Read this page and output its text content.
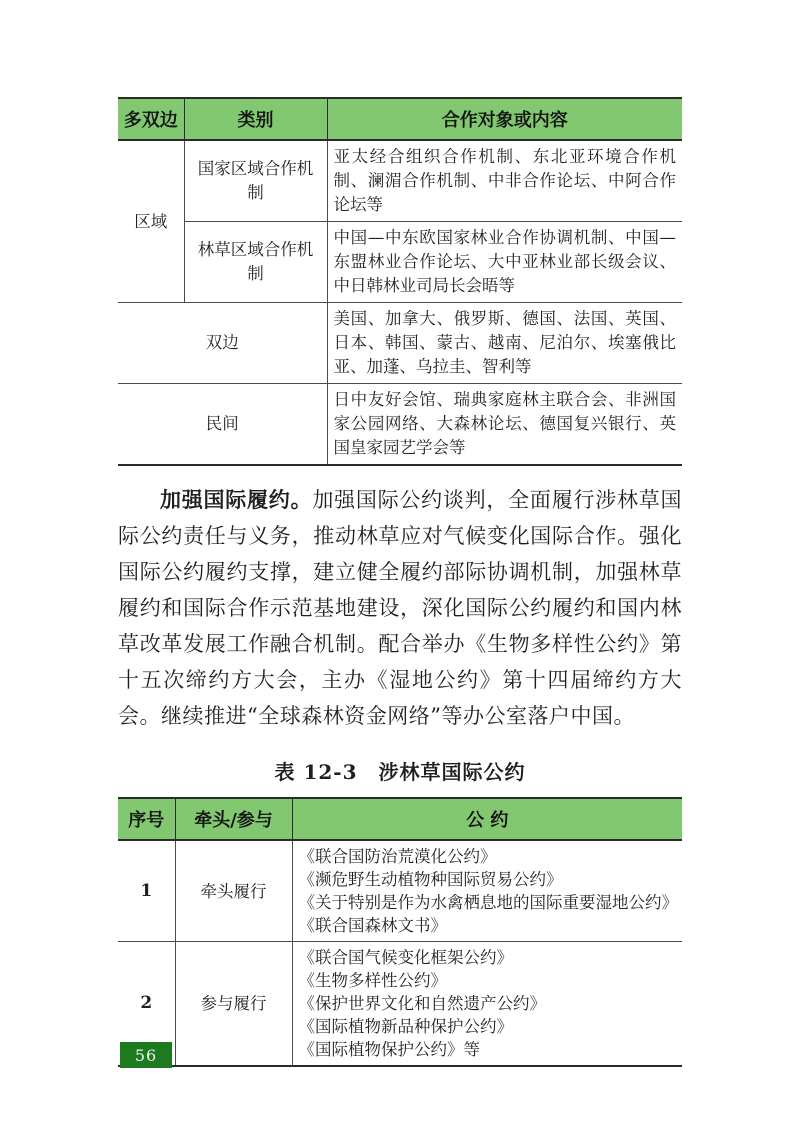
多双边	类别	合作对象或内容
区域	国家区域合作机制	亚太经合组织合作机制、东北亚环境合作机制、澜湄合作机制、中非合作论坛、中阿合作论坛等
	林草区域合作机制	中国—中东欧国家林业合作协调机制、中国—东盟林业合作论坛、大中亚林业部长级会议、中日韩林业司局长会晤等
双边		美国、加拿大、俄罗斯、德国、法国、英国、日本、韩国、蒙古、越南、尼泊尔、埃塞俄比亚、加蓬、乌拉圭、智利等
民间		日中友好会馆、瑞典家庭林主联合会、非洲国家公园网络、大森林论坛、德国复兴银行、英国皇家园艺学会等

加强国际履约。加强国际公约谈判，全面履行涉林草国际公约责任与义务，推动林草应对气候变化国际合作。强化国际公约履约支撑，建立健全履约部际协调机制，加强林草履约和国际合作示范基地建设，深化国际公约履约和国内林草改革发展工作融合机制。配合举办《生物多样性公约》第十五次缔约方大会，主办《湿地公约》第十四届缔约方大会。继续推进“全球森林资金网络”等办公室落户中国。

表 12-3　涉林草国际公约
序号	牵头/参与	公 约
1	牵头履行	《联合国防治荒漠化公约》
《濒危野生动植物种国际贸易公约》
《关于特别是作为水禽栖息地的国际重要湿地公约》
《联合国森林文书》

2	参与履行	《联合国气候变化框架公约》
《生物多样性公约》
《保护世界文化和自然遗产公约》
《国际植物新品种保护公约》
《国际植物保护公约》等
56
